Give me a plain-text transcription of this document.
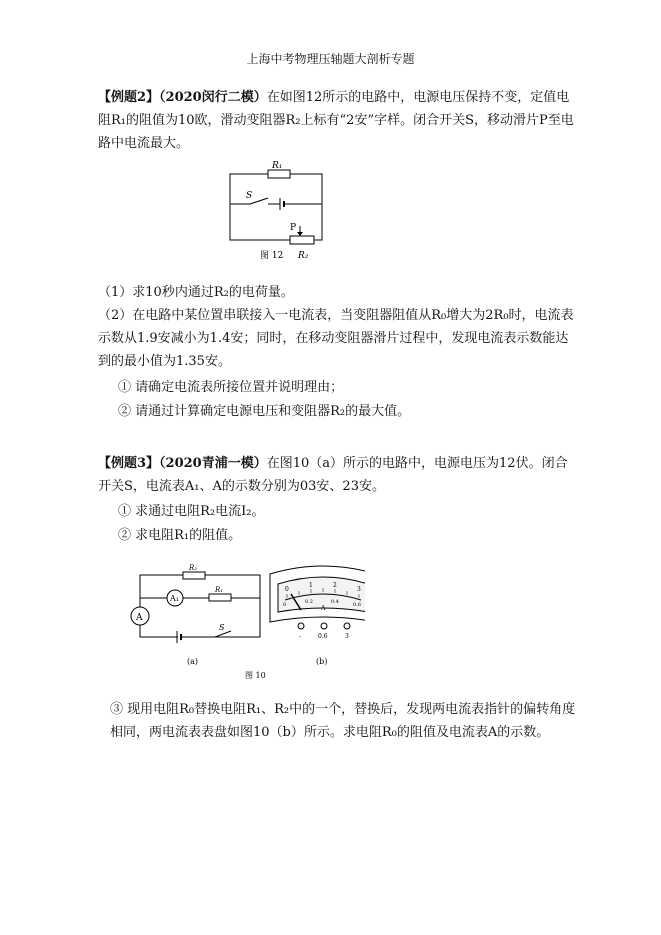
上海中考物理压轴题大剖析专题
【例题2】（2020闵行二模）在如图12所示的电路中，电源电压保持不变，定值电阻R₁的阻值为10欧，滑动变阻器R₂上标有“2安”字样。闭合开关S，移动滑片P至电路中电流最大。
R₁
S
P
R₂
图 12
（1）求10秒内通过R₂的电荷量。
（2）在电路中某位置串联接入一电流表，当变阻器阻值从R₀增大为2R₀时，电流表示数从1.9安减小为1.4安；同时，在移动变阻器滑片过程中，发现电流表示数能达到的最小值为1.35安。
① 请确定电流表所接位置并说明理由；
② 请通过计算确定电源电压和变阻器R₂的最大值。
【例题3】（2020青浦一模）在图10（a）所示的电路中，电源电压为12伏。闭合开关S，电流表A₁、A的示数分别为03安、23安。
① 求通过电阻R₂电流I₂。
② 求电阻R₁的阻值。
R₂
A₁
R₁
A
S
(a)
图 10
0
1	2
3
0	0.2	0.4	0.6
A
-	0.6	3
(b)
③ 现用电阻R₀替换电阻R₁、R₂中的一个，替换后，发现两电流表指针的偏转角度相同，两电流表表盘如图10（b）所示。求电阻R₀的阻值及电流表A的示数。
